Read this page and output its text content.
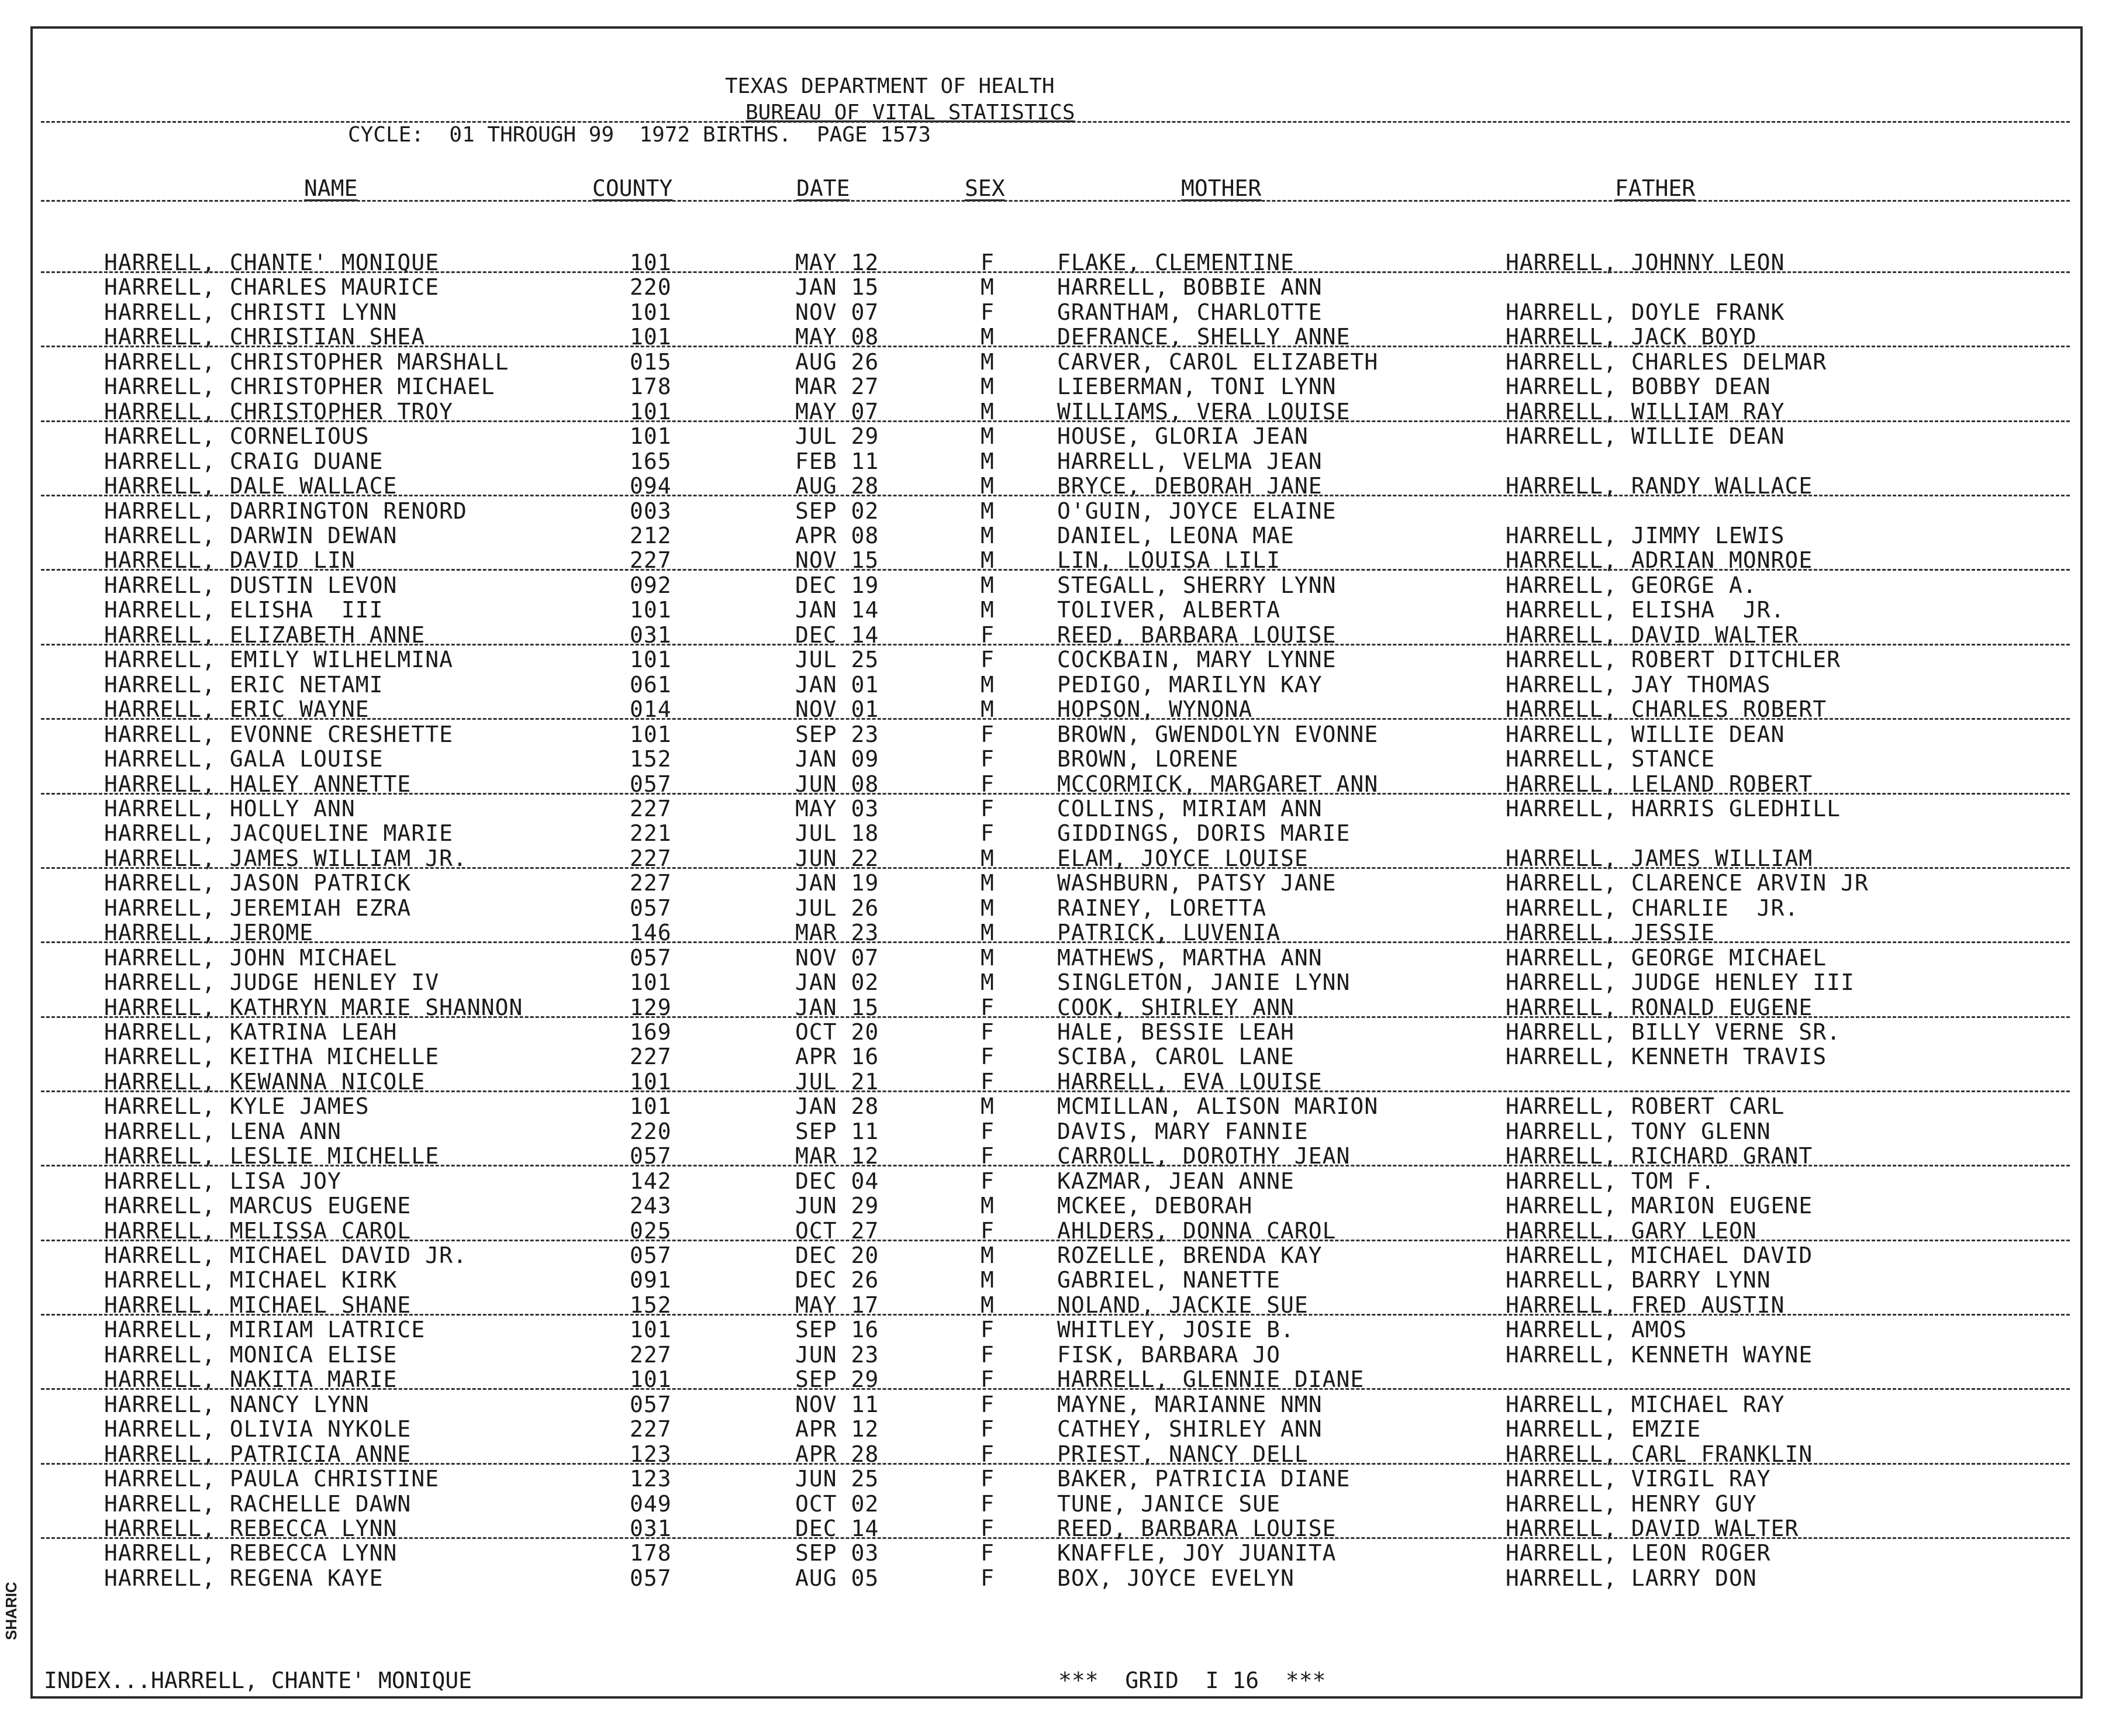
TEXAS DEPARTMENT OF HEALTH
BUREAU OF VITAL STATISTICS
CYCLE:  01 THROUGH 99  1972 BIRTHS.  PAGE 1573
NAME	COUNTY	DATE	SEX	MOTHER	FATHER
HARRELL, CHANTE' MONIQUE	101	MAY 12	F	FLAKE, CLEMENTINE	HARRELL, JOHNNY LEON
HARRELL, CHARLES MAURICE	220	JAN 15	M	HARRELL, BOBBIE ANN
HARRELL, CHRISTI LYNN	101	NOV 07	F	GRANTHAM, CHARLOTTE	HARRELL, DOYLE FRANK
HARRELL, CHRISTIAN SHEA	101	MAY 08	M	DEFRANCE, SHELLY ANNE	HARRELL, JACK BOYD
HARRELL, CHRISTOPHER MARSHALL	015	AUG 26	M	CARVER, CAROL ELIZABETH	HARRELL, CHARLES DELMAR
HARRELL, CHRISTOPHER MICHAEL	178	MAR 27	M	LIEBERMAN, TONI LYNN	HARRELL, BOBBY DEAN
HARRELL, CHRISTOPHER TROY	101	MAY 07	M	WILLIAMS, VERA LOUISE	HARRELL, WILLIAM RAY
HARRELL, CORNELIOUS	101	JUL 29	M	HOUSE, GLORIA JEAN	HARRELL, WILLIE DEAN
HARRELL, CRAIG DUANE	165	FEB 11	M	HARRELL, VELMA JEAN
HARRELL, DALE WALLACE	094	AUG 28	M	BRYCE, DEBORAH JANE	HARRELL, RANDY WALLACE
HARRELL, DARRINGTON RENORD	003	SEP 02	M	O'GUIN, JOYCE ELAINE
HARRELL, DARWIN DEWAN	212	APR 08	M	DANIEL, LEONA MAE	HARRELL, JIMMY LEWIS
HARRELL, DAVID LIN	227	NOV 15	M	LIN, LOUISA LILI	HARRELL, ADRIAN MONROE
HARRELL, DUSTIN LEVON	092	DEC 19	M	STEGALL, SHERRY LYNN	HARRELL, GEORGE A.
HARRELL, ELISHA  III	101	JAN 14	M	TOLIVER, ALBERTA	HARRELL, ELISHA  JR.
HARRELL, ELIZABETH ANNE	031	DEC 14	F	REED, BARBARA LOUISE	HARRELL, DAVID WALTER
HARRELL, EMILY WILHELMINA	101	JUL 25	F	COCKBAIN, MARY LYNNE	HARRELL, ROBERT DITCHLER
HARRELL, ERIC NETAMI	061	JAN 01	M	PEDIGO, MARILYN KAY	HARRELL, JAY THOMAS
HARRELL, ERIC WAYNE	014	NOV 01	M	HOPSON, WYNONA	HARRELL, CHARLES ROBERT
HARRELL, EVONNE CRESHETTE	101	SEP 23	F	BROWN, GWENDOLYN EVONNE	HARRELL, WILLIE DEAN
HARRELL, GALA LOUISE	152	JAN 09	F	BROWN, LORENE	HARRELL, STANCE
HARRELL, HALEY ANNETTE	057	JUN 08	F	MCCORMICK, MARGARET ANN	HARRELL, LELAND ROBERT
HARRELL, HOLLY ANN	227	MAY 03	F	COLLINS, MIRIAM ANN	HARRELL, HARRIS GLEDHILL
HARRELL, JACQUELINE MARIE	221	JUL 18	F	GIDDINGS, DORIS MARIE
HARRELL, JAMES WILLIAM JR.	227	JUN 22	M	ELAM, JOYCE LOUISE	HARRELL, JAMES WILLIAM
HARRELL, JASON PATRICK	227	JAN 19	M	WASHBURN, PATSY JANE	HARRELL, CLARENCE ARVIN JR
HARRELL, JEREMIAH EZRA	057	JUL 26	M	RAINEY, LORETTA	HARRELL, CHARLIE  JR.
HARRELL, JEROME	146	MAR 23	M	PATRICK, LUVENIA	HARRELL, JESSIE
HARRELL, JOHN MICHAEL	057	NOV 07	M	MATHEWS, MARTHA ANN	HARRELL, GEORGE MICHAEL
HARRELL, JUDGE HENLEY IV	101	JAN 02	M	SINGLETON, JANIE LYNN	HARRELL, JUDGE HENLEY III
HARRELL, KATHRYN MARIE SHANNON	129	JAN 15	F	COOK, SHIRLEY ANN	HARRELL, RONALD EUGENE
HARRELL, KATRINA LEAH	169	OCT 20	F	HALE, BESSIE LEAH	HARRELL, BILLY VERNE SR.
HARRELL, KEITHA MICHELLE	227	APR 16	F	SCIBA, CAROL LANE	HARRELL, KENNETH TRAVIS
HARRELL, KEWANNA NICOLE	101	JUL 21	F	HARRELL, EVA LOUISE
HARRELL, KYLE JAMES	101	JAN 28	M	MCMILLAN, ALISON MARION	HARRELL, ROBERT CARL
HARRELL, LENA ANN	220	SEP 11	F	DAVIS, MARY FANNIE	HARRELL, TONY GLENN
HARRELL, LESLIE MICHELLE	057	MAR 12	F	CARROLL, DOROTHY JEAN	HARRELL, RICHARD GRANT
HARRELL, LISA JOY	142	DEC 04	F	KAZMAR, JEAN ANNE	HARRELL, TOM F.
HARRELL, MARCUS EUGENE	243	JUN 29	M	MCKEE, DEBORAH	HARRELL, MARION EUGENE
HARRELL, MELISSA CAROL	025	OCT 27	F	AHLDERS, DONNA CAROL	HARRELL, GARY LEON
HARRELL, MICHAEL DAVID JR.	057	DEC 20	M	ROZELLE, BRENDA KAY	HARRELL, MICHAEL DAVID
HARRELL, MICHAEL KIRK	091	DEC 26	M	GABRIEL, NANETTE	HARRELL, BARRY LYNN
HARRELL, MICHAEL SHANE	152	MAY 17	M	NOLAND, JACKIE SUE	HARRELL, FRED AUSTIN
HARRELL, MIRIAM LATRICE	101	SEP 16	F	WHITLEY, JOSIE B.	HARRELL, AMOS
HARRELL, MONICA ELISE	227	JUN 23	F	FISK, BARBARA JO	HARRELL, KENNETH WAYNE
HARRELL, NAKITA MARIE	101	SEP 29	F	HARRELL, GLENNIE DIANE
HARRELL, NANCY LYNN	057	NOV 11	F	MAYNE, MARIANNE NMN	HARRELL, MICHAEL RAY
HARRELL, OLIVIA NYKOLE	227	APR 12	F	CATHEY, SHIRLEY ANN	HARRELL, EMZIE
HARRELL, PATRICIA ANNE	123	APR 28	F	PRIEST, NANCY DELL	HARRELL, CARL FRANKLIN
HARRELL, PAULA CHRISTINE	123	JUN 25	F	BAKER, PATRICIA DIANE	HARRELL, VIRGIL RAY
HARRELL, RACHELLE DAWN	049	OCT 02	F	TUNE, JANICE SUE	HARRELL, HENRY GUY
HARRELL, REBECCA LYNN	031	DEC 14	F	REED, BARBARA LOUISE	HARRELL, DAVID WALTER
HARRELL, REBECCA LYNN	178	SEP 03	F	KNAFFLE, JOY JUANITA	HARRELL, LEON ROGER
HARRELL, REGENA KAYE	057	AUG 05	F	BOX, JOYCE EVELYN	HARRELL, LARRY DON
INDEX...HARRELL, CHANTE' MONIQUE	***  GRID  I 16  ***
SHARIC
